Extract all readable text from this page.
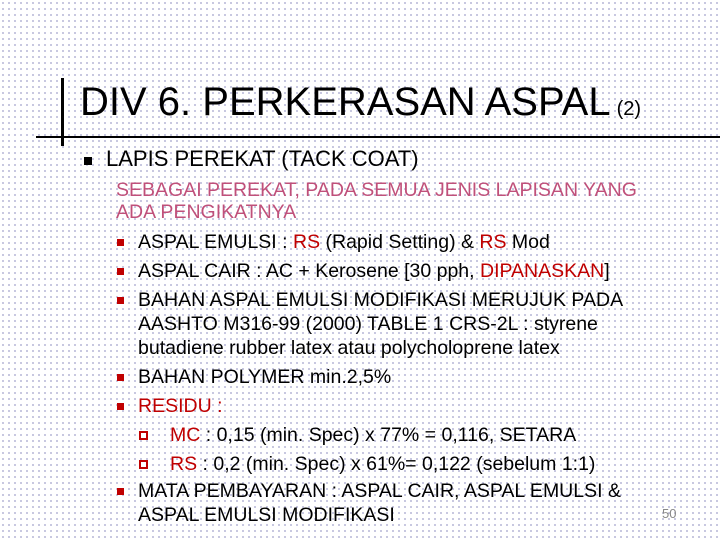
DIV 6. PERKERASAN ASPAL (2)
LAPIS PEREKAT (TACK COAT)
SEBAGAI PEREKAT, PADA SEMUA JENIS LAPISAN YANG
ADA PENGIKATNYA
ASPAL EMULSI : RS (Rapid Setting) & RS Mod
ASPAL CAIR : AC + Kerosene [30 pph, DIPANASKAN]
BAHAN ASPAL EMULSI MODIFIKASI MERUJUK PADA
AASHTO M316-99 (2000) TABLE 1 CRS-2L : styrene
butadiene rubber latex atau polycholoprene latex
BAHAN POLYMER min.2,5%
RESIDU :
MC : 0,15 (min. Spec) x 77% = 0,116, SETARA
RS : 0,2 (min. Spec) x 61%= 0,122 (sebelum 1:1)
MATA PEMBAYARAN : ASPAL CAIR, ASPAL EMULSI &
ASPAL EMULSI MODIFIKASI	50
